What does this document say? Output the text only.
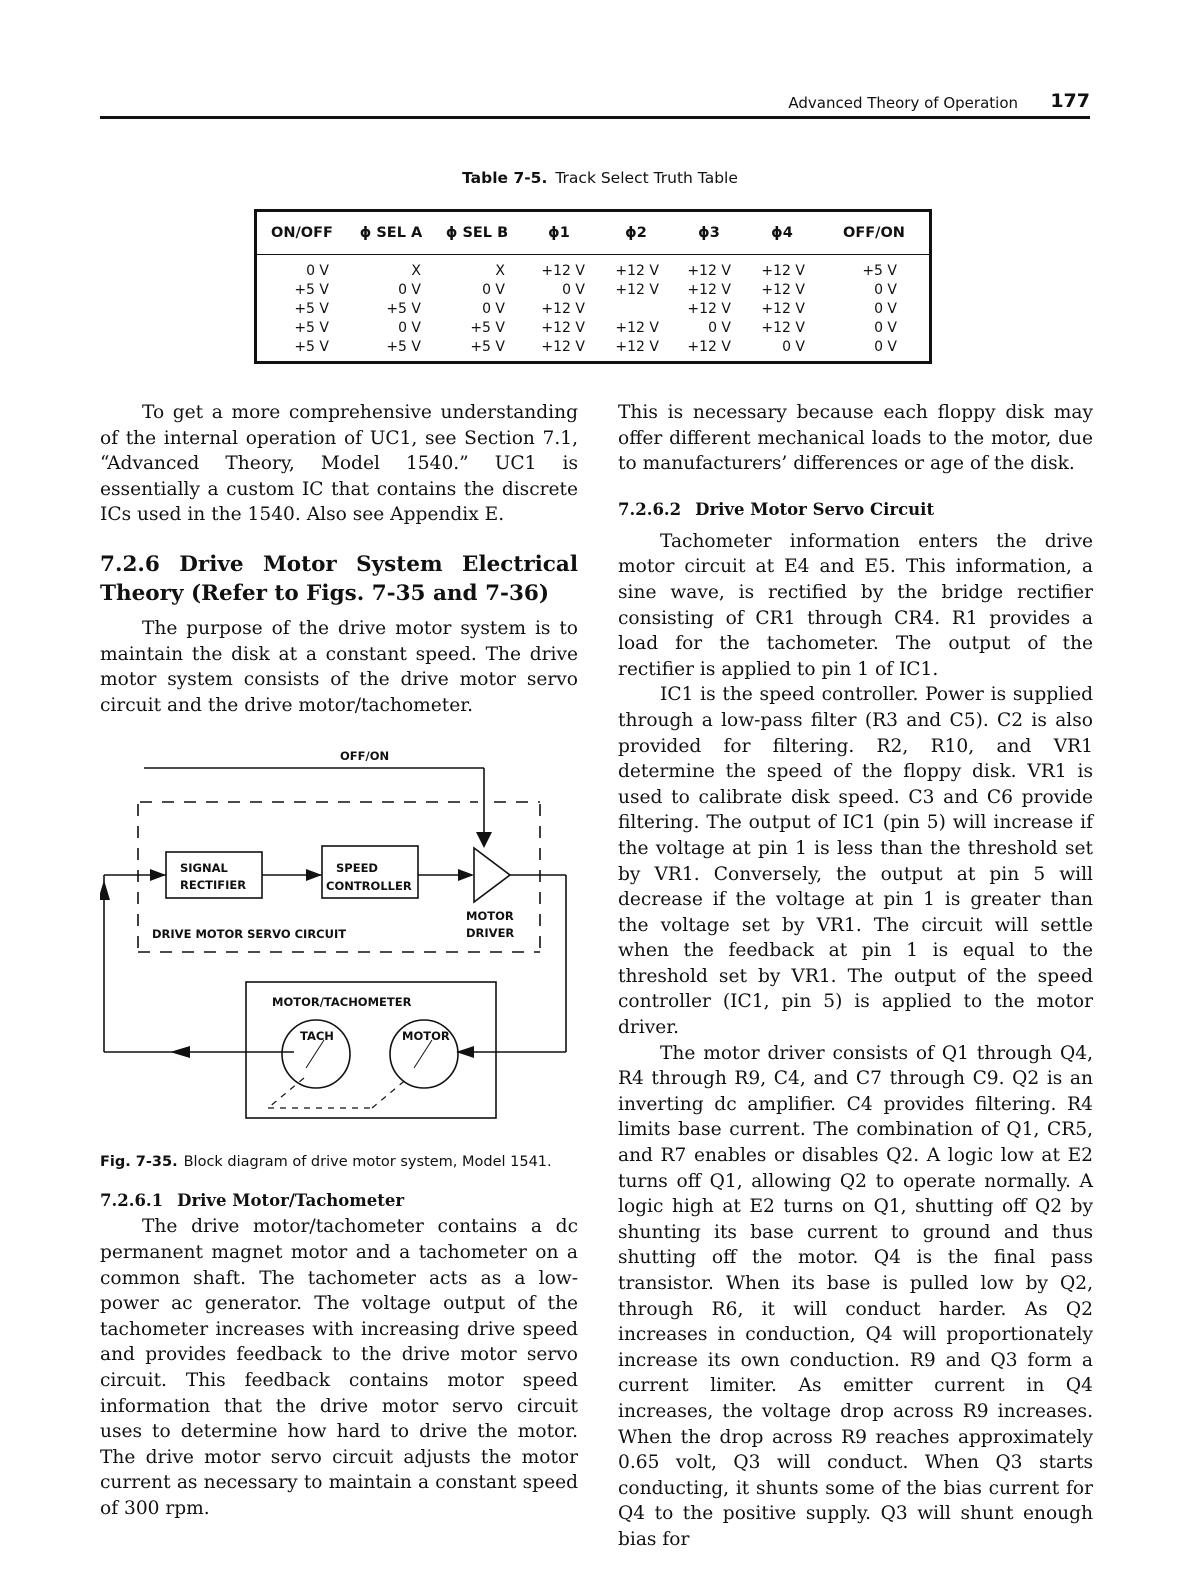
Advanced Theory of Operation 177
Table 7-5. Track Select Truth Table
ON/OFF	ϕ SEL A	ϕ SEL B	ϕ1	ϕ2	ϕ3	ϕ4	OFF/ON
0 V	X	X	+12 V	+12 V	+12 V	+12 V	+5 V
+5 V	0 V	0 V	0 V	+12 V	+12 V	+12 V	0 V
+5 V	+5 V	0 V	+12 V		+12 V	+12 V	0 V
+5 V	0 V	+5 V	+12 V	+12 V	0 V	+12 V	0 V
+5 V	+5 V	+5 V	+12 V	+12 V	+12 V	0 V	0 V

To get a more comprehensive understanding of the internal operation of UC1, see Section 7.1, “Advanced Theory, Model 1540.” UC1 is essentially a custom IC that contains the discrete ICs used in the 1540. Also see Appendix E.

7.2.6 Drive Motor System Electrical Theory (Refer to Figs. 7-35 and 7-36)

The purpose of the drive motor system is to maintain the disk at a constant speed. The drive motor system consists of the drive motor servo circuit and the drive motor/tachometer.

OFF/ON
SIGNAL
RECTIFIER
SPEED
CONTROLLER
MOTOR
DRIVER
DRIVE MOTOR SERVO CIRCUIT
MOTOR/TACHOMETER
TACH	MOTOR
Fig. 7-35. Block diagram of drive motor system, Model 1541.
7.2.6.1 Drive Motor/Tachometer

The drive motor/tachometer contains a dc permanent magnet motor and a tachometer on a common shaft. The tachometer acts as a low-power ac generator. The voltage output of the tachometer increases with increasing drive speed and provides feedback to the drive motor servo circuit. This feedback contains motor speed information that the drive motor servo circuit uses to determine how hard to drive the motor. The drive motor servo circuit adjusts the motor current as necessary to maintain a constant speed of 300 rpm.

This is necessary because each floppy disk may offer different mechanical loads to the motor, due to manufacturers’ differences or age of the disk.

7.2.6.2 Drive Motor Servo Circuit

Tachometer information enters the drive motor circuit at E4 and E5. This information, a sine wave, is rectified by the bridge rectifier consisting of CR1 through CR4. R1 provides a load for the tachometer. The output of the rectifier is applied to pin 1 of IC1.

IC1 is the speed controller. Power is supplied through a low-pass filter (R3 and C5). C2 is also provided for filtering. R2, R10, and VR1 determine the speed of the floppy disk. VR1 is used to calibrate disk speed. C3 and C6 provide filtering. The output of IC1 (pin 5) will increase if the voltage at pin 1 is less than the threshold set by VR1. Conversely, the output at pin 5 will decrease if the voltage at pin 1 is greater than the voltage set by VR1. The circuit will settle when the feedback at pin 1 is equal to the threshold set by VR1. The output of the speed controller (IC1, pin 5) is applied to the motor driver.

The motor driver consists of Q1 through Q4, R4 through R9, C4, and C7 through C9. Q2 is an inverting dc amplifier. C4 provides filtering. R4 limits base current. The combination of Q1, CR5, and R7 enables or disables Q2. A logic low at E2 turns off Q1, allowing Q2 to operate normally. A logic high at E2 turns on Q1, shutting off Q2 by shunting its base current to ground and thus shutting off the motor. Q4 is the final pass transistor. When its base is pulled low by Q2, through R6, it will conduct harder. As Q2 increases in conduction, Q4 will proportionately increase its own conduction. R9 and Q3 form a current limiter. As emitter current in Q4 increases, the voltage drop across R9 increases. When the drop across R9 reaches approximately 0.65 volt, Q3 will conduct. When Q3 starts conducting, it shunts some of the bias current for Q4 to the positive supply. Q3 will shunt enough bias for
